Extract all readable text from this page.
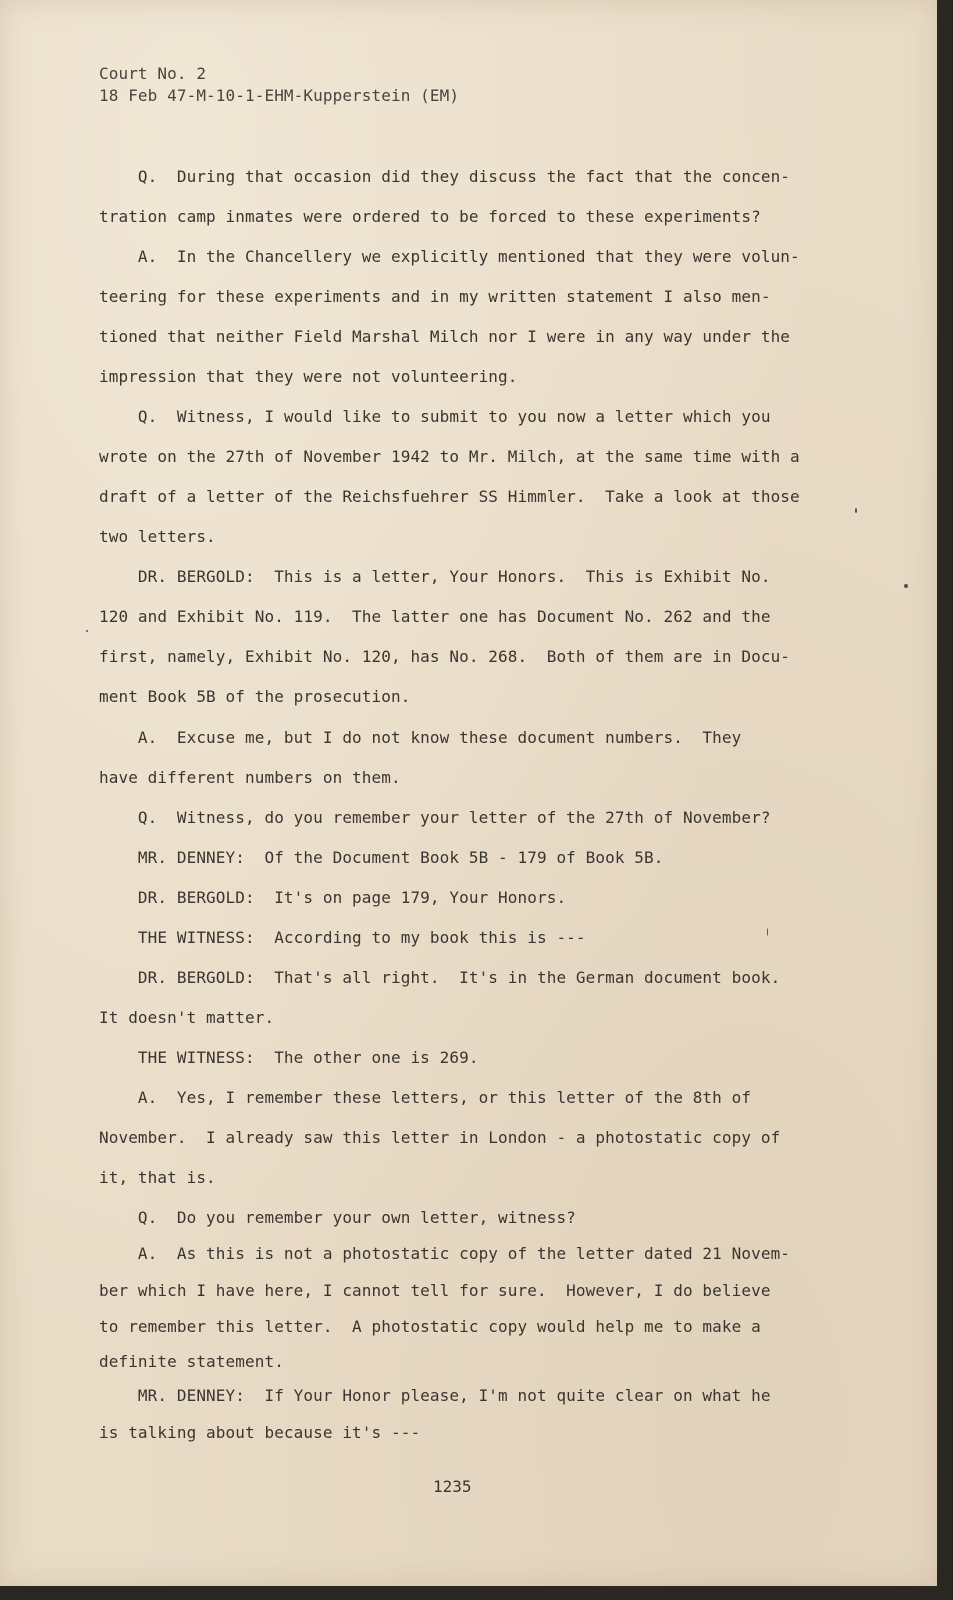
Court No. 2

18 Feb 47-M-10-1-EHM-Kupperstein (EM)

Q.  During that occasion did they discuss the fact that the concen-

tration camp inmates were ordered to be forced to these experiments?

A.  In the Chancellery we explicitly mentioned that they were volun-

teering for these experiments and in my written statement I also men-

tioned that neither Field Marshal Milch nor I were in any way under the

impression that they were not volunteering.

Q.  Witness, I would like to submit to you now a letter which you

wrote on the 27th of November 1942 to Mr. Milch, at the same time with a

draft of a letter of the Reichsfuehrer SS Himmler.  Take a look at those

two letters.

DR. BERGOLD:  This is a letter, Your Honors.  This is Exhibit No.

120 and Exhibit No. 119.  The latter one has Document No. 262 and the

first, namely, Exhibit No. 120, has No. 268.  Both of them are in Docu-

ment Book 5B of the prosecution.

A.  Excuse me, but I do not know these document numbers.  They

have different numbers on them.

Q.  Witness, do you remember your letter of the 27th of November?

MR. DENNEY:  Of the Document Book 5B - 179 of Book 5B.

DR. BERGOLD:  It's on page 179, Your Honors.

THE WITNESS:  According to my book this is ---

DR. BERGOLD:  That's all right.  It's in the German document book.

It doesn't matter.

THE WITNESS:  The other one is 269.

A.  Yes, I remember these letters, or this letter of the 8th of

November.  I already saw this letter in London - a photostatic copy of

it, that is.

Q.  Do you remember your own letter, witness?

A.  As this is not a photostatic copy of the letter dated 21 Novem-

ber which I have here, I cannot tell for sure.  However, I do believe

to remember this letter.  A photostatic copy would help me to make a

definite statement.

MR. DENNEY:  If Your Honor please, I'm not quite clear on what he

is talking about because it's ---

1235
